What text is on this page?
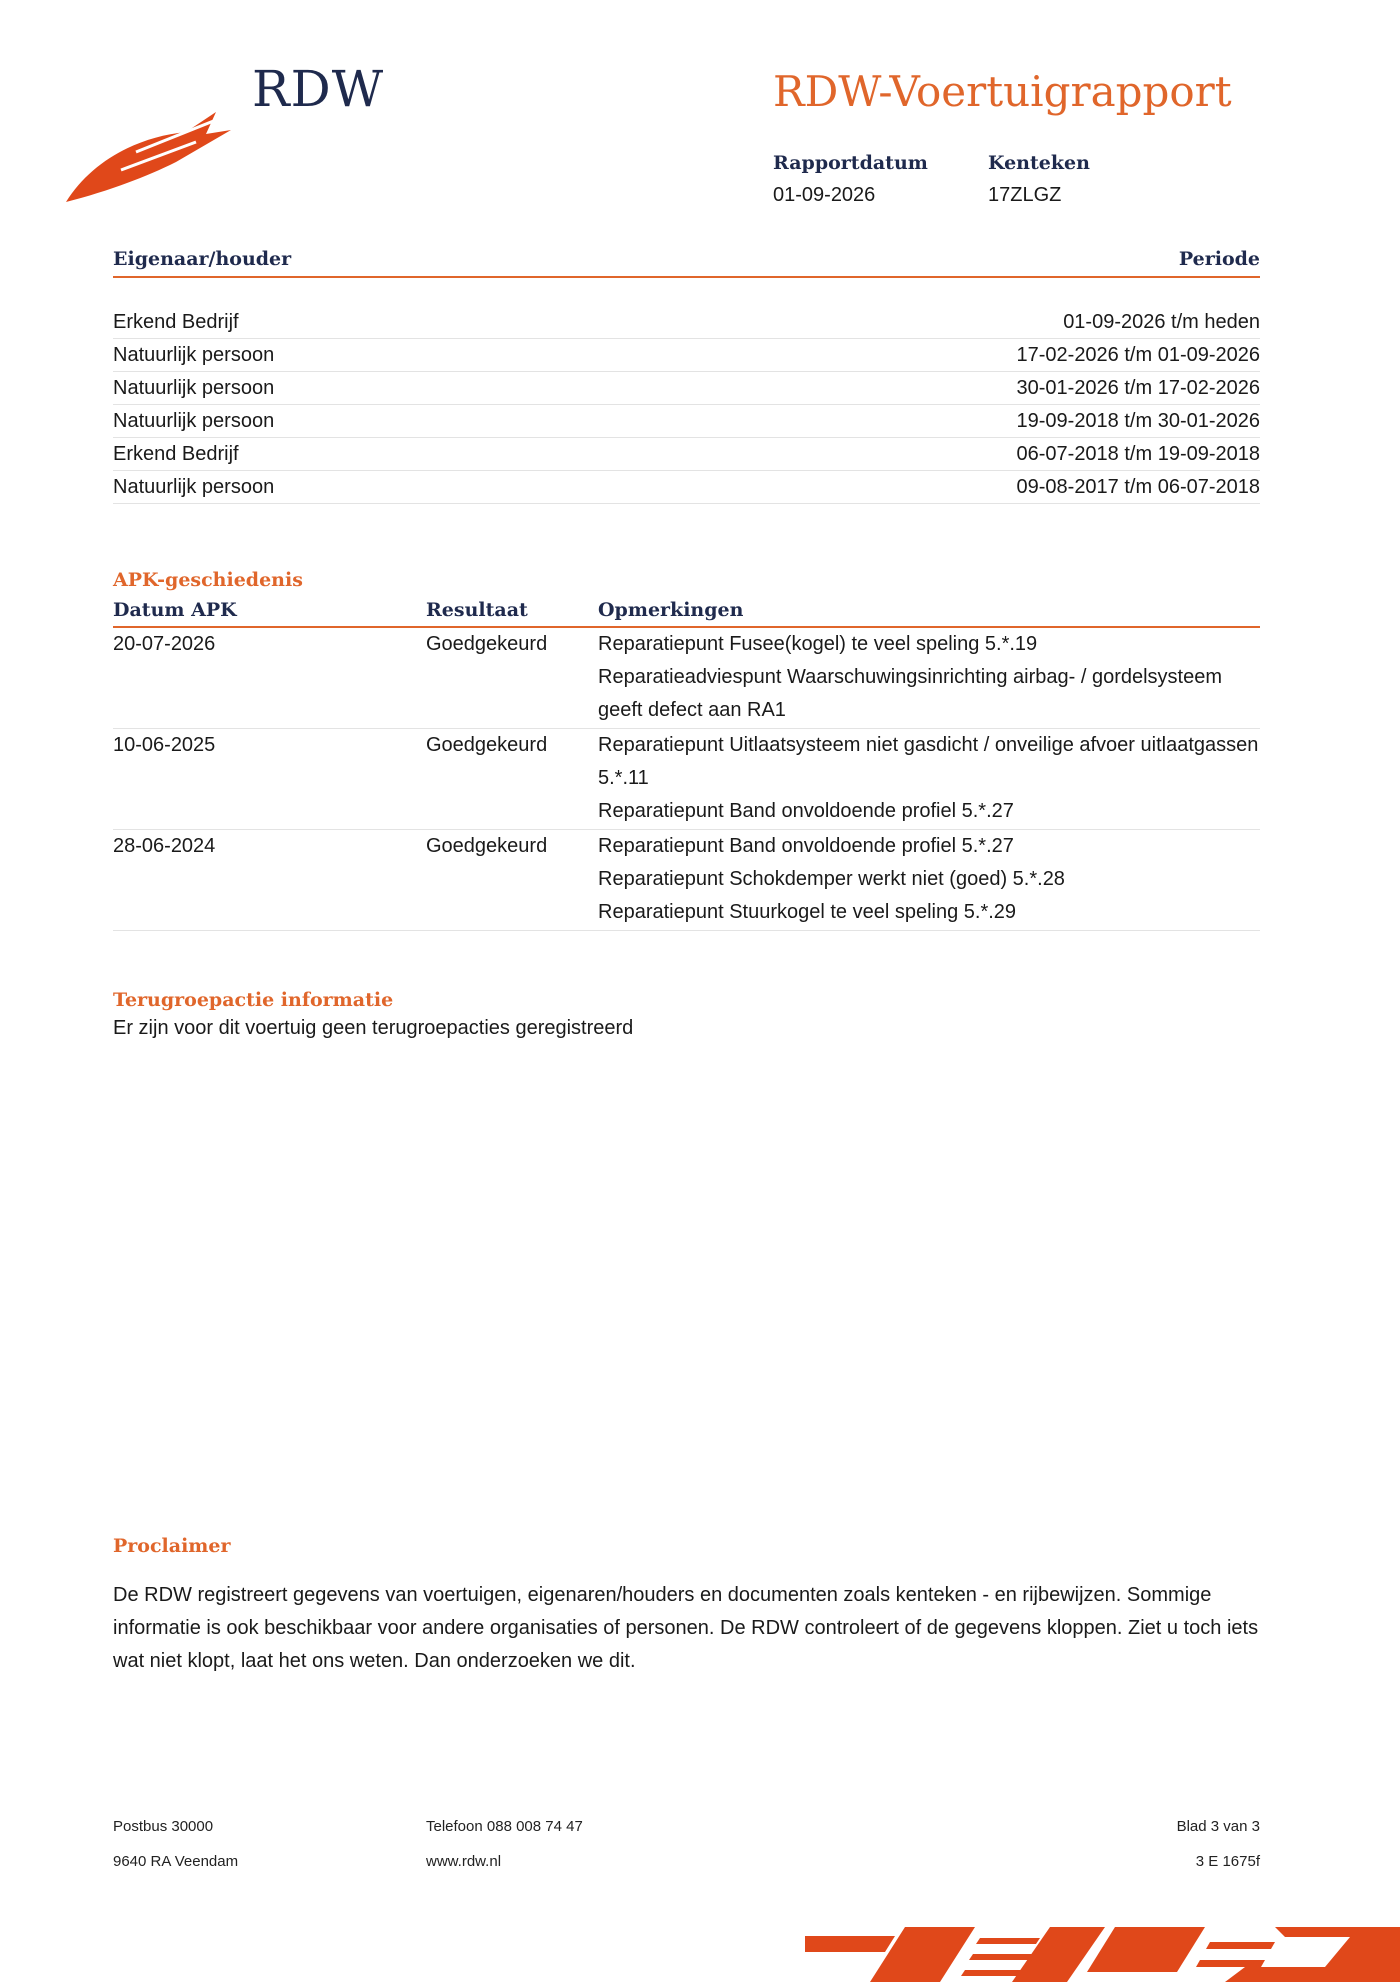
RDW	RDW-Voertuigrapport
Rapportdatum
01-09-2026
Kenteken
17ZLGZ
Eigenaar/houder	Periode
Erkend Bedrijf	01-09-2026 t/m heden
Natuurlijk persoon	17-02-2026 t/m 01-09-2026
Natuurlijk persoon	30-01-2026 t/m 17-02-2026
Natuurlijk persoon	19-09-2018 t/m 30-01-2026
Erkend Bedrijf	06-07-2018 t/m 19-09-2018
Natuurlijk persoon	09-08-2017 t/m 06-07-2018
APK-geschiedenis
Datum APK	Resultaat	Opmerkingen
20-07-2026	Goedgekeurd	Reparatiepunt Fusee(kogel) te veel speling 5.*.19
Reparatieadviespunt Waarschuwingsinrichting airbag- / gordelsysteem geeft defect aan RA1
10-06-2025	Goedgekeurd	Reparatiepunt Uitlaatsysteem niet gasdicht / onveilige afvoer uitlaatgassen 5.*.11
Reparatiepunt Band onvoldoende profiel 5.*.27
28-06-2024	Goedgekeurd	Reparatiepunt Band onvoldoende profiel 5.*.27
Reparatiepunt Schokdemper werkt niet (goed) 5.*.28
Reparatiepunt Stuurkogel te veel speling 5.*.29
Terugroepactie informatie
Er zijn voor dit voertuig geen terugroepacties geregistreerd
Proclaimer
De RDW registreert gegevens van voertuigen, eigenaren/houders en documenten zoals kenteken - en rijbewijzen. Sommige informatie is ook beschikbaar voor andere organisaties of personen. De RDW controleert of de gegevens kloppen. Ziet u toch iets wat niet klopt, laat het ons weten. Dan onderzoeken we dit.
Postbus 30000
9640 RA Veendam
Telefoon 088 008 74 47
www.rdw.nl
Blad 3 van 3
3 E 1675f
